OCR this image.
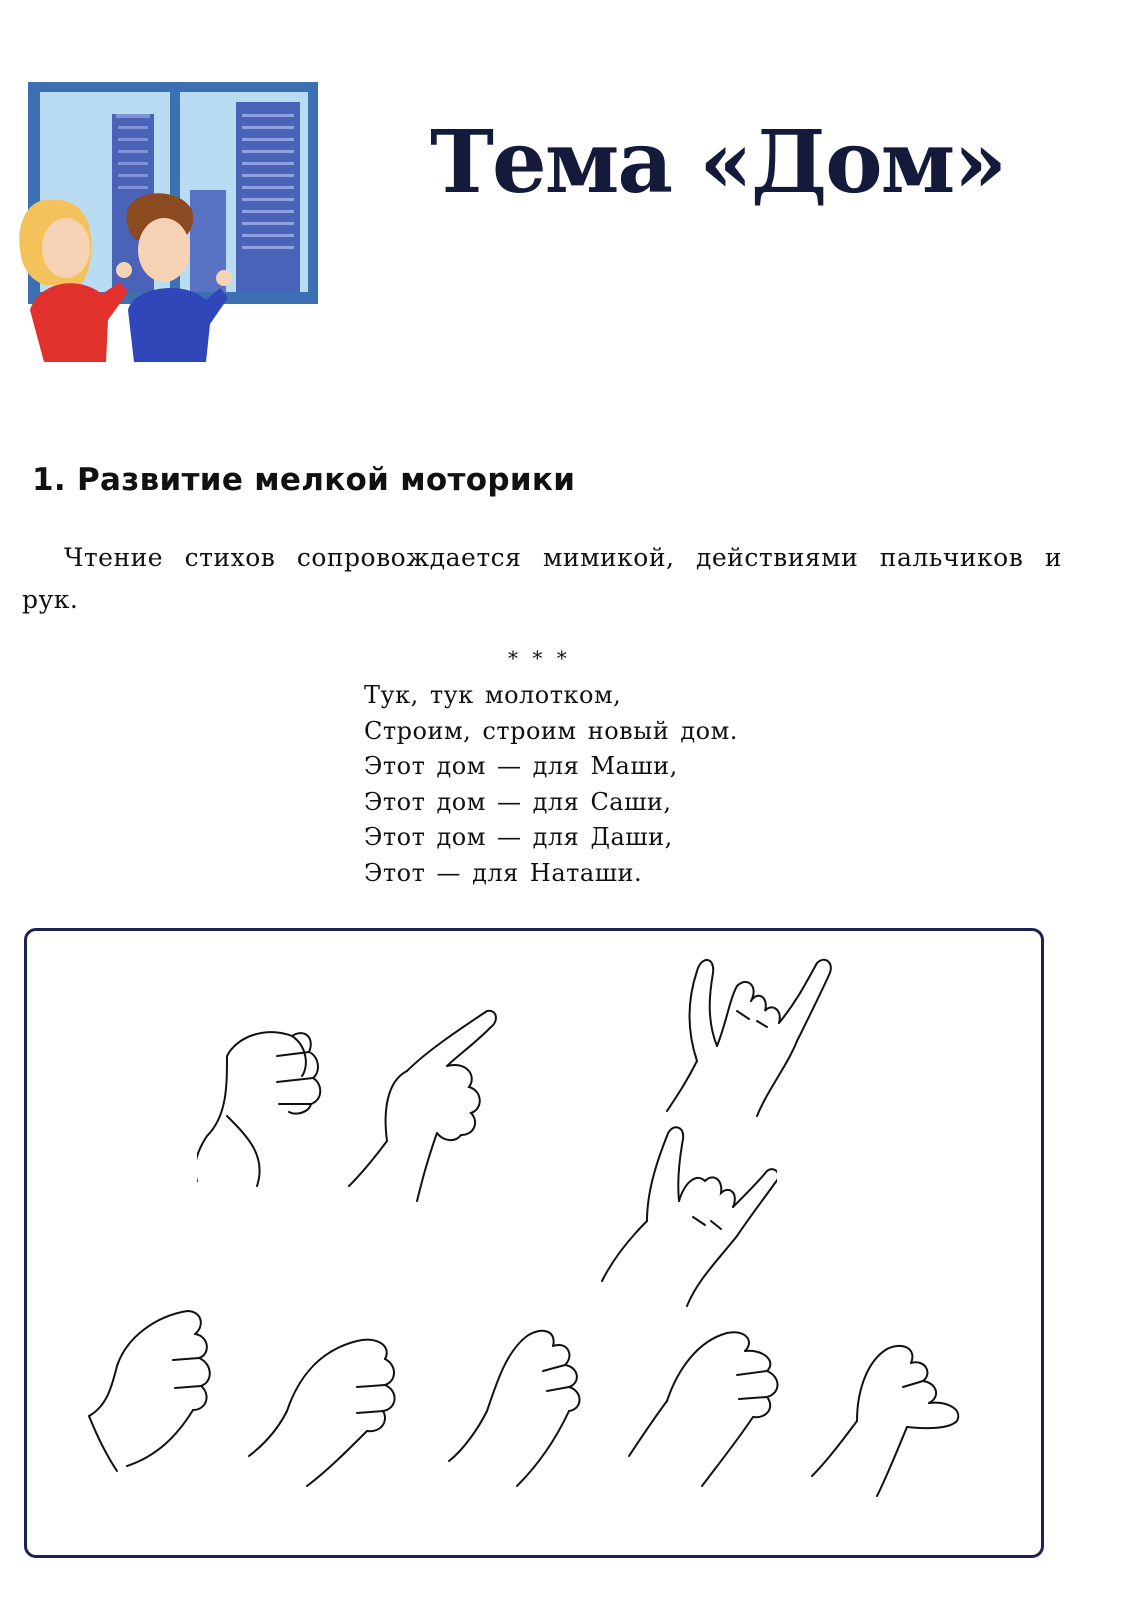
Тема «Дом»
1. Развитие мелкой моторики

Чтение стихов сопровождается мимикой, действиями пальчиков и рук.

* * *
Тук, тук молотком,
Строим, строим новый дом.
Этот дом — для Маши,
Этот дом — для Саши,
Этот дом — для Даши,
Этот — для Наташи.
